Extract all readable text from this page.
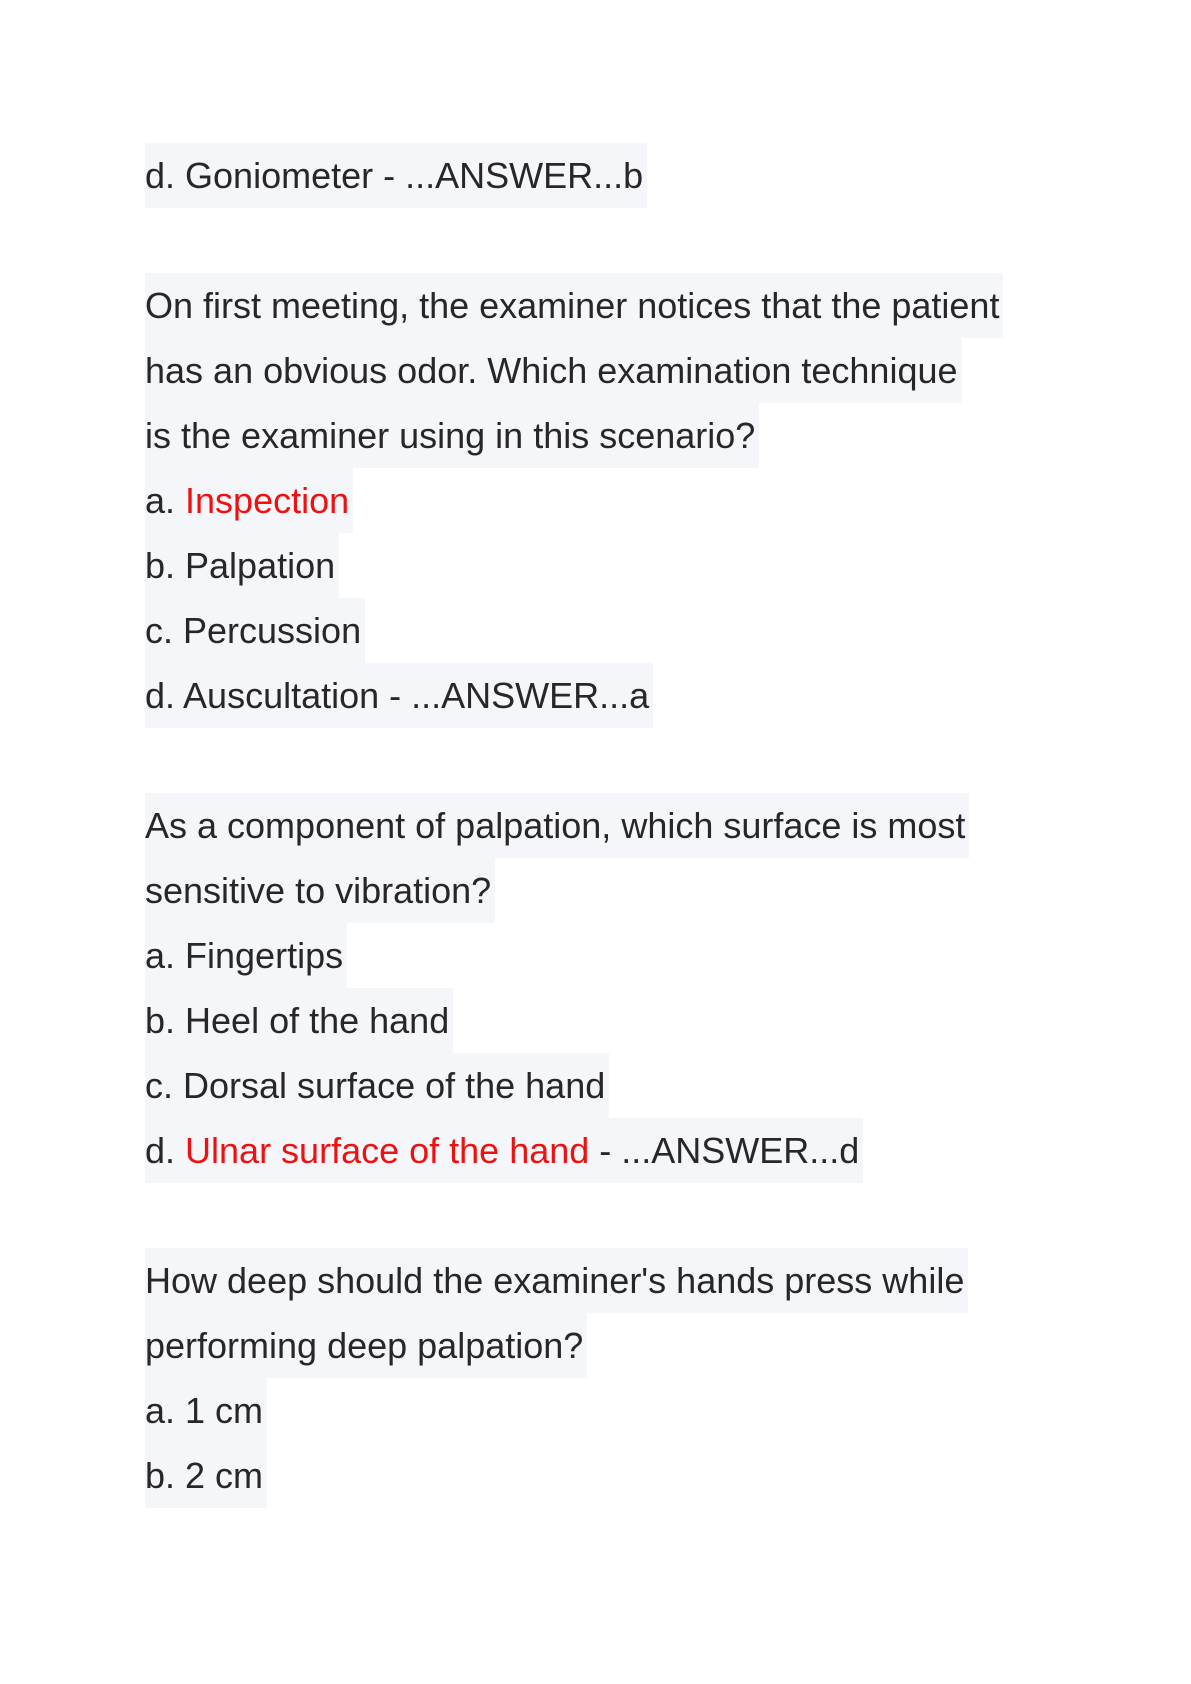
d. Goniometer - ...ANSWER...b
On first meeting, the examiner notices that the patient
has an obvious odor. Which examination technique
is the examiner using in this scenario?
a. Inspection
b. Palpation
c. Percussion
d. Auscultation - ...ANSWER...a
As a component of palpation, which surface is most
sensitive to vibration?
a. Fingertips
b. Heel of the hand
c. Dorsal surface of the hand
d. Ulnar surface of the hand - ...ANSWER...d
How deep should the examiner's hands press while
performing deep palpation?
a. 1 cm
b. 2 cm
